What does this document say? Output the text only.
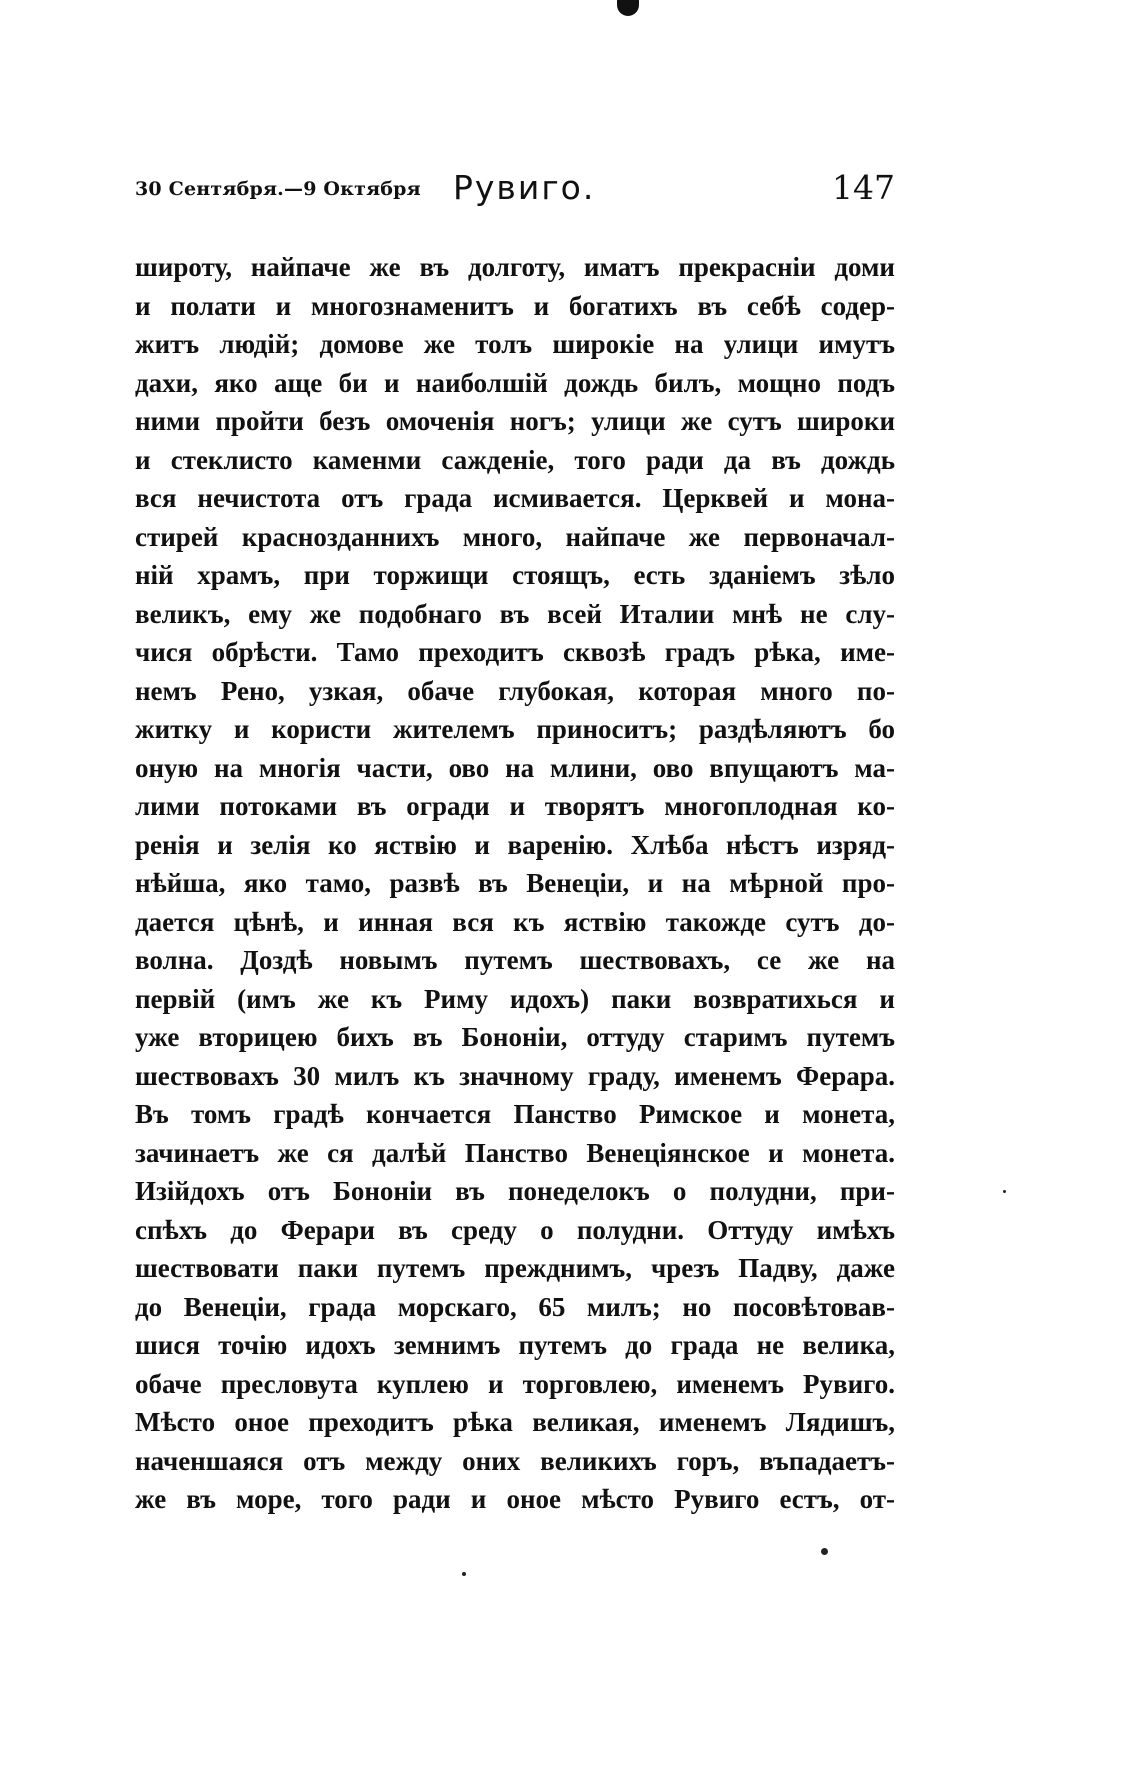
30 Сентября.—9 Октября Рувиго.	147
широту, найпаче же въ долготу, иматъ прекрасніи доми
и полати и многознаменитъ и богатихъ въ себѣ содер-
житъ людій; домове же толъ широкіе на улици имутъ
дахи, яко аще би и наиболшій дождь билъ, мощно подъ
ними пройти безъ омоченія ногъ; улици же сутъ широки
и стеклисто каменми сажденіе, того ради да въ дождь
вся нечистота отъ града исмивается. Церквей и мона-
стирей краснозданнихъ много, найпаче же первоначал-
ній храмъ, при торжищи стоящъ, есть зданіемъ зѣло
великъ, ему же подобнаго въ всей Италии мнѣ не слу-
чися обрѣсти. Тамо преходитъ сквозѣ градъ рѣка, име-
немъ Рено, узкая, обаче глубокая, которая много по-
житку и користи жителемъ приноситъ; раздѣляютъ бо
оную на многія части, ово на млини, ово впущаютъ ма-
лими потоками въ огради и творятъ многоплодная ко-
ренія и зелія ко яствію и варенію. Хлѣба нѣстъ изряд-
нѣйша, яко тамо, развѣ въ Венеціи, и на мѣрной про-
дается цѣнѣ, и инная вся къ яствію такожде сутъ до-
волна. Доздѣ новымъ путемъ шествовахъ, се же на
первій (имъ же къ Риму идохъ) паки возвратихься и
уже вторицею бихъ въ Бононіи, оттуду старимъ путемъ
шествовахъ 30 милъ къ значному граду, именемъ Ферара.
Въ томъ градѣ кончается Панство Римское и монета,
зачинаетъ же ся далѣй Панство Венеціянское и монета.
Изійдохъ отъ Бононіи въ понеделокъ о полудни, при-
спѣхъ до Ферари въ среду о полудни. Оттуду имѣхъ
шествовати паки путемъ прежднимъ, чрезъ Падву, даже
до Венеціи, града морскаго, 65 милъ; но посовѣтовав-
шися точію идохъ земнимъ путемъ до града не велика,
обаче пресловута куплею и торговлею, именемъ Рувиго.
Мѣсто оное преходитъ рѣка великая, именемъ Лядишъ,
наченшаяся отъ между оних великихъ горъ, въпадаетъ-
же въ море, того ради и оное мѣсто Рувиго естъ, от-
